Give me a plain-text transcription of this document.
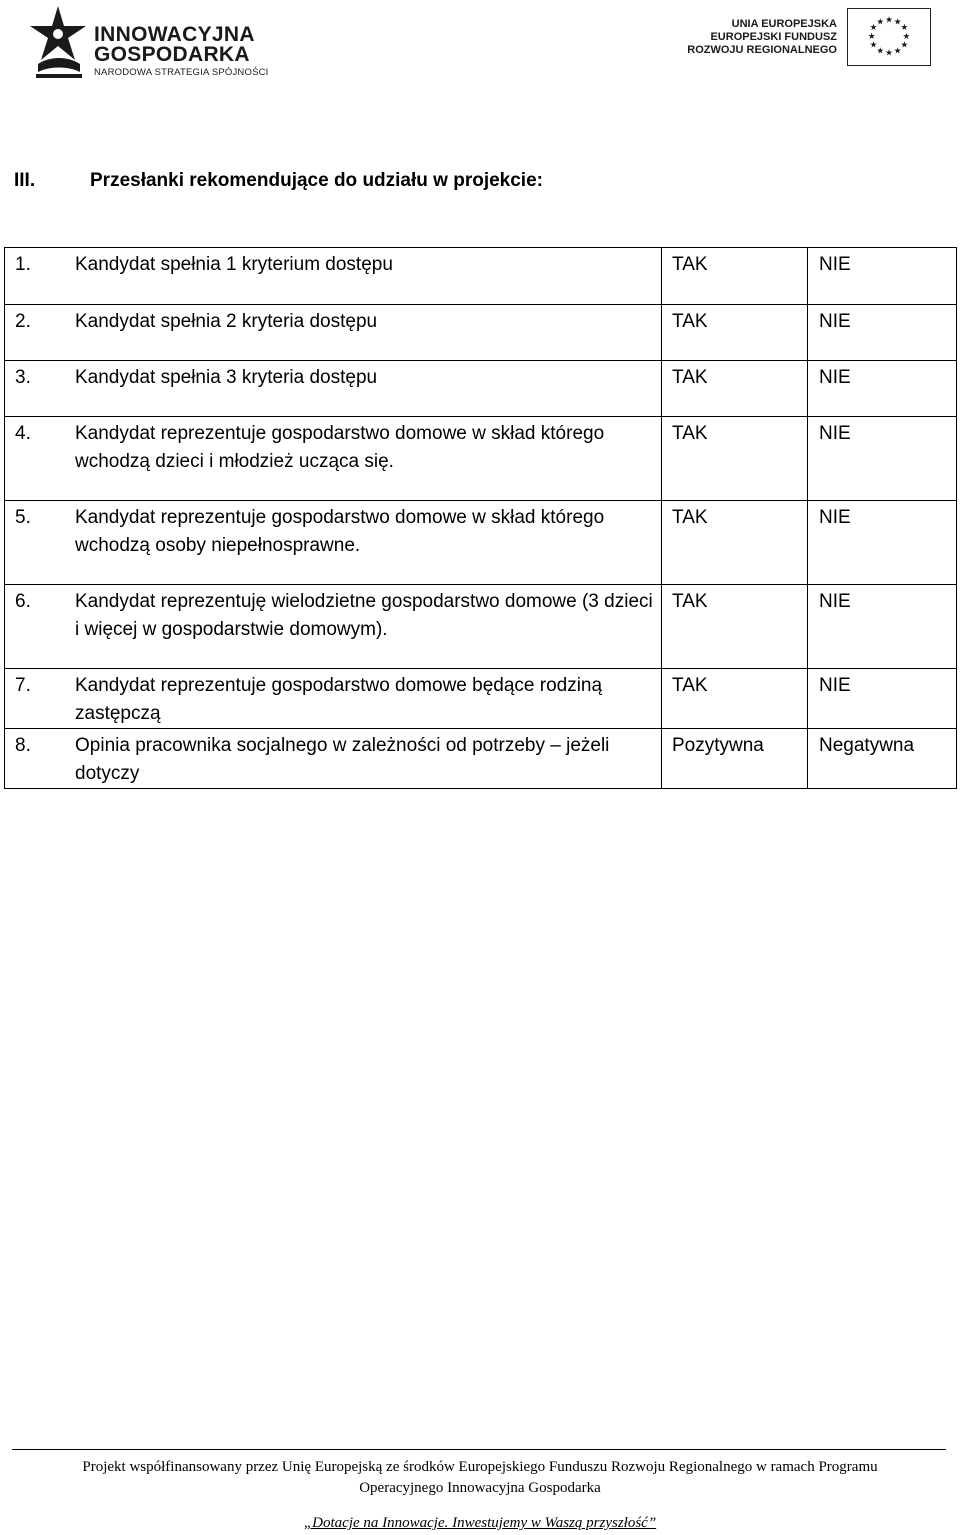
INNOWACYJNA
GOSPODARKA
NARODOWA STRATEGIA SPÓJNOŚCI
UNIA EUROPEJSKA
EUROPEJSKI FUNDUSZ
ROZWOJU REGIONALNEGO
★ ★
★
★
★
★
★
★
★
★
★
★
III.	Przesłanki rekomendujące do udziału w projekcie:
1. Kandydat spełnia 1 kryterium dostępu	TAK	NIE

2. Kandydat spełnia 2 kryteria dostępu	TAK	NIE

3. Kandydat spełnia 3 kryteria dostępu	TAK	NIE

4. Kandydat reprezentuje gospodarstwo domowe w skład którego wchodzą dzieci i młodzież ucząca się.	TAK	NIE

5. Kandydat reprezentuje gospodarstwo domowe w skład którego wchodzą osoby niepełnosprawne.	TAK	NIE

6. Kandydat reprezentuję wielodzietne gospodarstwo domowe (3 dzieci i więcej w gospodarstwie domowym).	TAK	NIE

7. Kandydat reprezentuje gospodarstwo domowe będące rodziną zastępczą	TAK	NIE

8. Opinia pracownika socjalnego w zależności od potrzeby – jeżeli dotyczy	Pozytywna	Negatywna
Projekt współfinansowany przez Unię Europejską ze środków Europejskiego Funduszu Rozwoju Regionalnego w ramach Programu
Operacyjnego Innowacyjna Gospodarka
„Dotacje na Innowacje. Inwestujemy w Waszą przyszłość”
